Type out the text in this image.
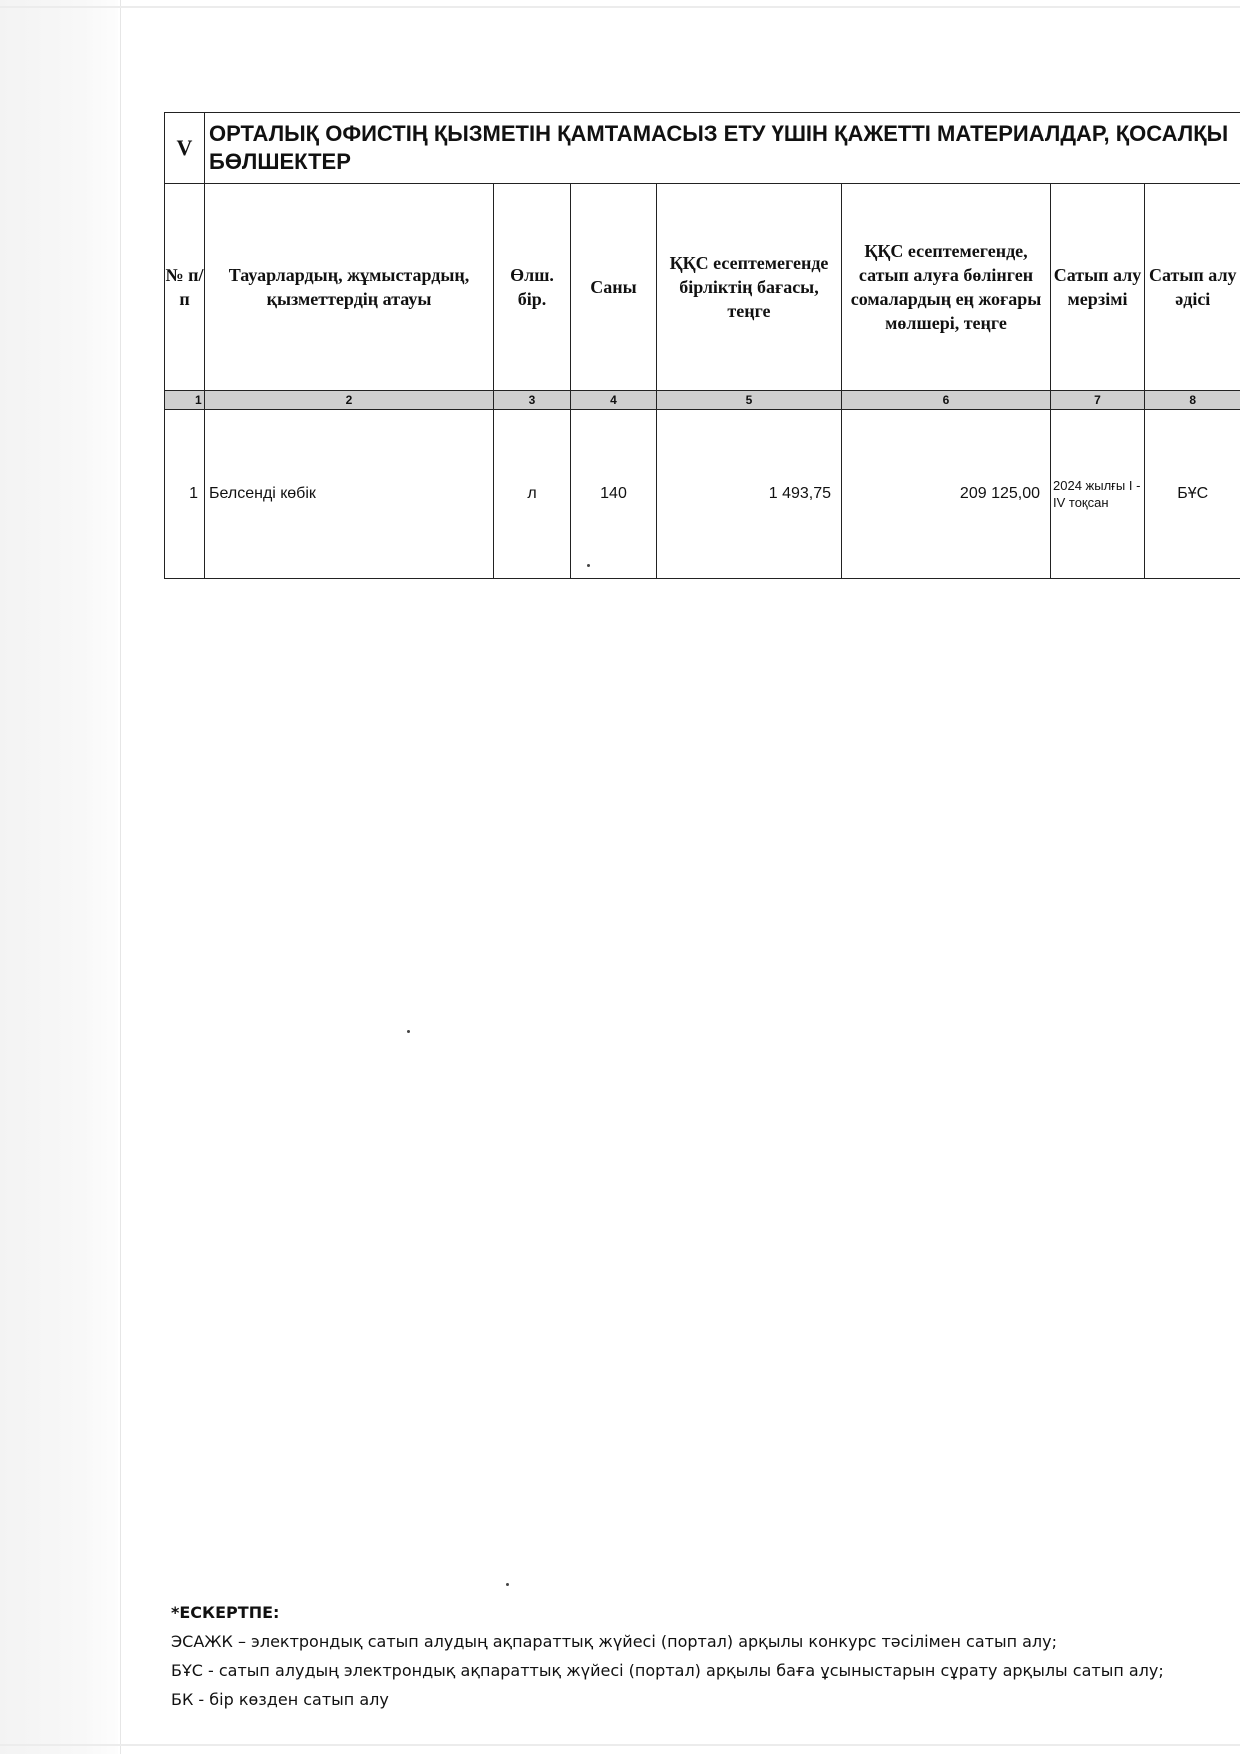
V	ОРТАЛЫҚ ОФИСТІҢ ҚЫЗМЕТІН ҚАМТАМАСЫЗ ЕТУ ҮШІН ҚАЖЕТТІ МАТЕРИАЛДАР, ҚОСАЛҚЫ БӨЛШЕКТЕР						
№ п/п	Тауарлардың, жұмыстардың, қызметтердің атауы	Өлш. бір.	Саны	ҚҚС есептемегенде бірліктің бағасы, теңге	ҚҚС есептемегенде, сатып алуға бөлінген сомалардың ең жоғары мөлшері, теңге	Сатып алу мерзімі	Сатып алу әдісі
1	2	3	4	5	6	7	8
1	Белсенді көбік	л	140	1 493,75	209 125,00	2024 жылғы I - IV тоқсан	БҰС
*ЕСКЕРТПЕ:
ЭСАЖК – электрондық сатып алудың ақпараттық жүйесі (портал) арқылы конкурс тәсілімен сатып алу;
БҰС - сатып алудың электрондық ақпараттық жүйесі (портал) арқылы баға ұсыныстарын сұрату арқылы сатып алу; БК - бір көзден сатып алу
